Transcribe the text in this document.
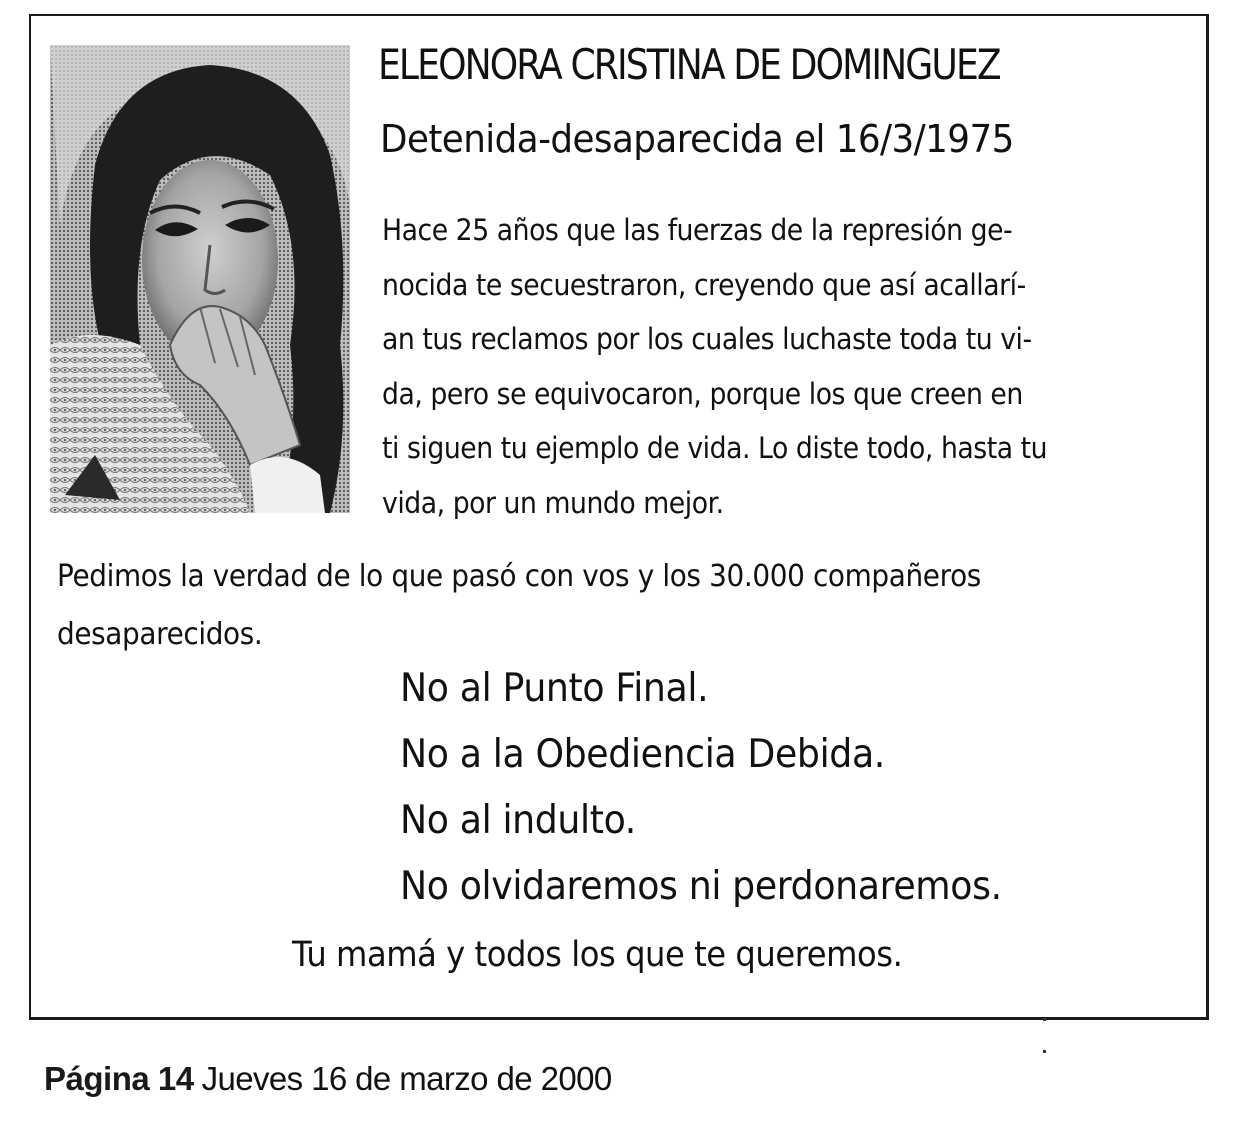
ELEONORA CRISTINA DE DOMINGUEZ
Detenida-desaparecida el 16/3/1975
Hace 25 años que las fuerzas de la represión ge-
nocida te secuestraron, creyendo que así acallarí-
an tus reclamos por los cuales luchaste toda tu vi-
da, pero se equivocaron, porque los que creen en
ti siguen tu ejemplo de vida. Lo diste todo, hasta tu
vida, por un mundo mejor.
Pedimos la verdad de lo que pasó con vos y los 30.000 compañeros
desaparecidos.
No al Punto Final.
No a la Obediencia Debida.
No al indulto.
No olvidaremos ni perdonaremos.
Tu mamá y todos los que te queremos.
Página 14 Jueves 16 de marzo de 2000
